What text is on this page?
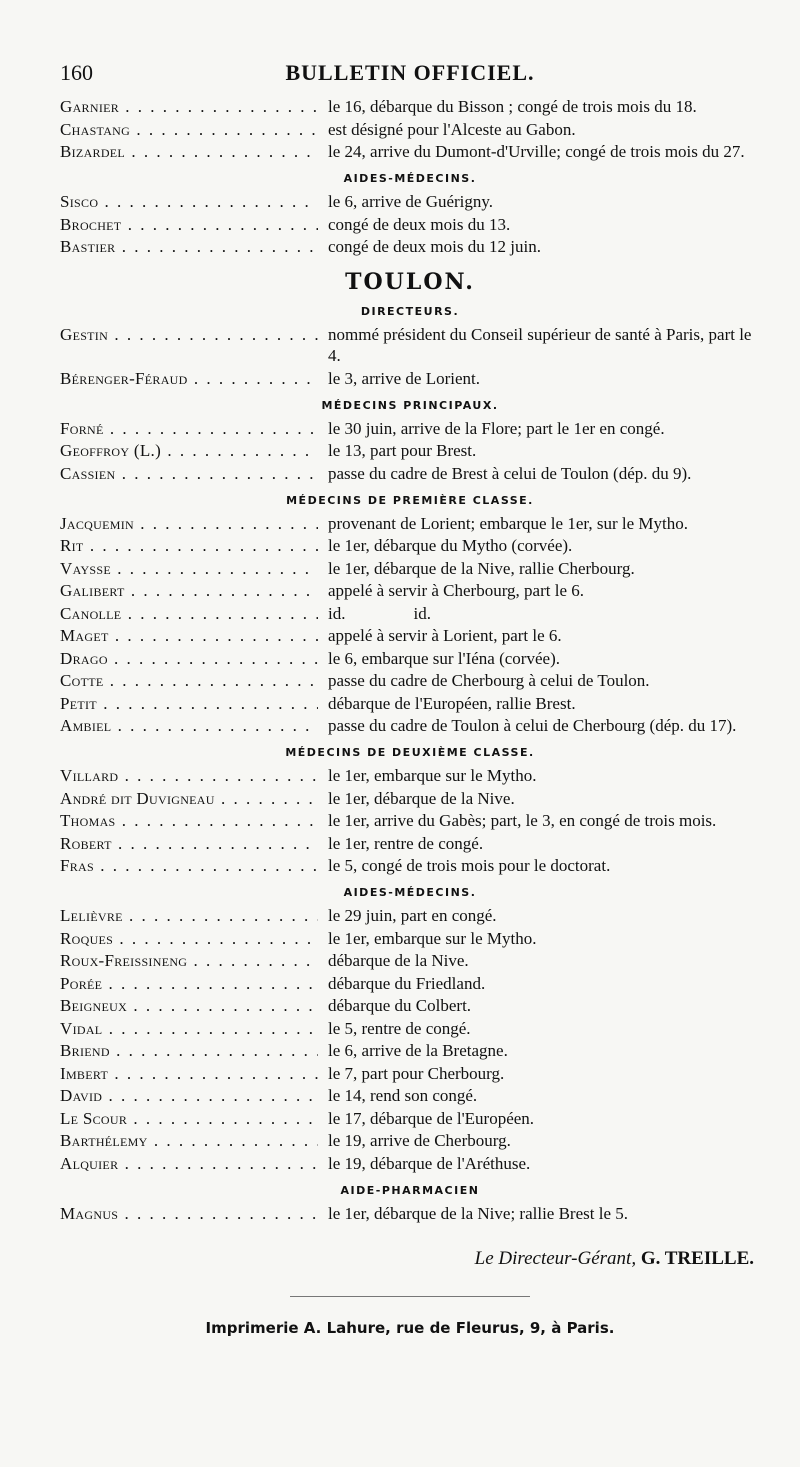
160	BULLETIN OFFICIEL.
Garnier . . .	le 16, débarque du Bisson ; congé de trois mois du 18.
Chastang . . .	est désigné pour l'Alceste au Gabon.
Bizardel . . .	le 24, arrive du Dumont-d'Urville; congé de trois mois du 27.
AIDES-MÉDECINS.
Sisco . . .	le 6, arrive de Guérigny.
Brochet . . .	congé de deux mois du 13.
Bastier . . .	congé de deux mois du 12 juin.
TOULON.
DIRECTEURS.
Gestin . . .	nommé président du Conseil supérieur de santé à Paris, part le 4.
Bérenger-Féraud . . .	le 3, arrive de Lorient.
MÉDECINS PRINCIPAUX.
Forné . . .	le 30 juin, arrive de la Flore; part le 1er en congé.
Geoffroy (L.) . . .	le 13, part pour Brest.
Cassien . . .	passe du cadre de Brest à celui de Toulon (dép. du 9).
MÉDECINS DE PREMIÈRE CLASSE.
Jacquemin . . .	provenant de Lorient; embarque le 1er, sur le Mytho.
Rit . . .	le 1er, débarque du Mytho (corvée).
Vaysse . . .	le 1er, débarque de la Nive, rallie Cherbourg.
Galibert . . .	appelé à servir à Cherbourg, part le 6.
Canolle . . .	id.                id.
Maget . . .	appelé à servir à Lorient, part le 6.
Drago . . .	le 6, embarque sur l'Iéna (corvée).
Cotte . . .	passe du cadre de Cherbourg à celui de Toulon.
Petit . . .	débarque de l'Européen, rallie Brest.
Ambiel . . .	passe du cadre de Toulon à celui de Cherbourg (dép. du 17).
MÉDECINS DE DEUXIÈME CLASSE.
Villard . . .	le 1er, embarque sur le Mytho.
André dit Duvigneau . . .	le 1er, débarque de la Nive.
Thomas . . .	le 1er, arrive du Gabès; part, le 3, en congé de trois mois.
Robert . . .	le 1er, rentre de congé.
Fras . . .	le 5, congé de trois mois pour le doctorat.
AIDES-MÉDECINS.
Lelièvre . . .	le 29 juin, part en congé.
Roques . . .	le 1er, embarque sur le Mytho.
Roux-Freissineng . . .	débarque de la Nive.
Porée . . .	débarque du Friedland.
Beigneux . . .	débarque du Colbert.
Vidal . . .	le 5, rentre de congé.
Briend . . .	le 6, arrive de la Bretagne.
Imbert . . .	le 7, part pour Cherbourg.
David . . .	le 14, rend son congé.
Le Scour . . .	le 17, débarque de l'Européen.
Barthélemy . . .	le 19, arrive de Cherbourg.
Alquier . . .	le 19, débarque de l'Aréthuse.
AIDE-PHARMACIEN
Magnus . . .	le 1er, débarque de la Nive; rallie Brest le 5.
Le Directeur-Gérant, G. TREILLE.
Imprimerie A. Lahure, rue de Fleurus, 9, à Paris.
